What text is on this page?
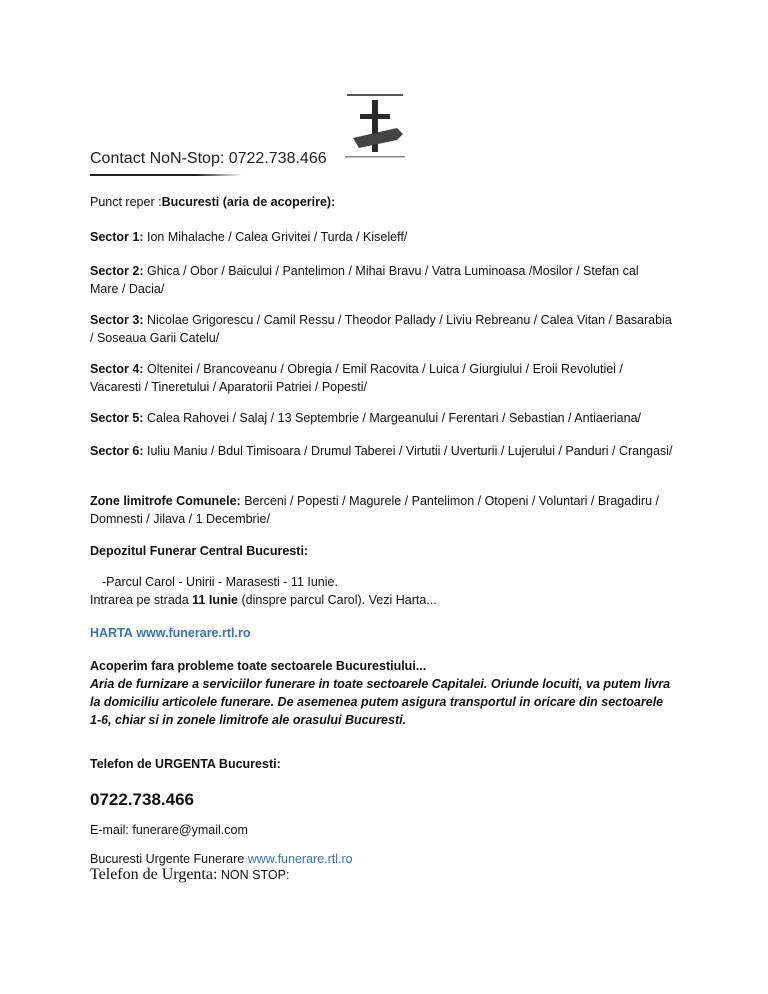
Contact NoN-Stop: 0722.738.466
Punct reper :Bucuresti (aria de acoperire):
Sector 1: Ion Mihalache / Calea Grivitei / Turda / Kiseleff/
Sector 2: Ghica / Obor / Baicului / Pantelimon / Mihai Bravu / Vatra Luminoasa /Mosilor / Stefan cal
Mare / Dacia/
Sector 3: Nicolae Grigorescu / Camil Ressu / Theodor Pallady / Liviu Rebreanu / Calea Vitan / Basarabia
/ Soseaua Garii Catelu/
Sector 4: Oltenitei / Brancoveanu / Obregia / Emil Racovita / Luica / Giurgiului / Eroii Revolutiei /
Vacaresti / Tineretului / Aparatorii Patriei / Popesti/
Sector 5: Calea Rahovei / Salaj / 13 Septembrie / Margeanului / Ferentari / Sebastian / Antiaeriana/
Sector 6: Iuliu Maniu / Bdul Timisoara / Drumul Taberei / Virtutii / Uverturii / Lujerului / Panduri / Crangasi/
Zone limitrofe Comunele: Berceni / Popesti / Magurele / Pantelimon / Otopeni / Voluntari / Bragadiru /
Domnesti / Jilava / 1 Decembrie/
Depozitul Funerar Central Bucuresti:
-Parcul Carol - Unirii - Marasesti - 11 Iunie.
Intrarea pe strada 11 Iunie (dinspre parcul Carol). Vezi Harta...
HARTA www.funerare.rtl.ro
Acoperim fara probleme toate sectoarele Bucurestiului...
Aria de furnizare a serviciilor funerare in toate sectoarele Capitalei. Oriunde locuiti, va putem livra
la domiciliu articolele funerare. De asemenea putem asigura transportul in oricare din sectoarele
1-6, chiar si in zonele limitrofe ale orasului Bucuresti.
Telefon de URGENTA Bucuresti:
0722.738.466
E-mail: funerare@ymail.com
Bucuresti Urgente Funerare www.funerare.rtl.ro
Telefon de Urgenta: NON STOP:
